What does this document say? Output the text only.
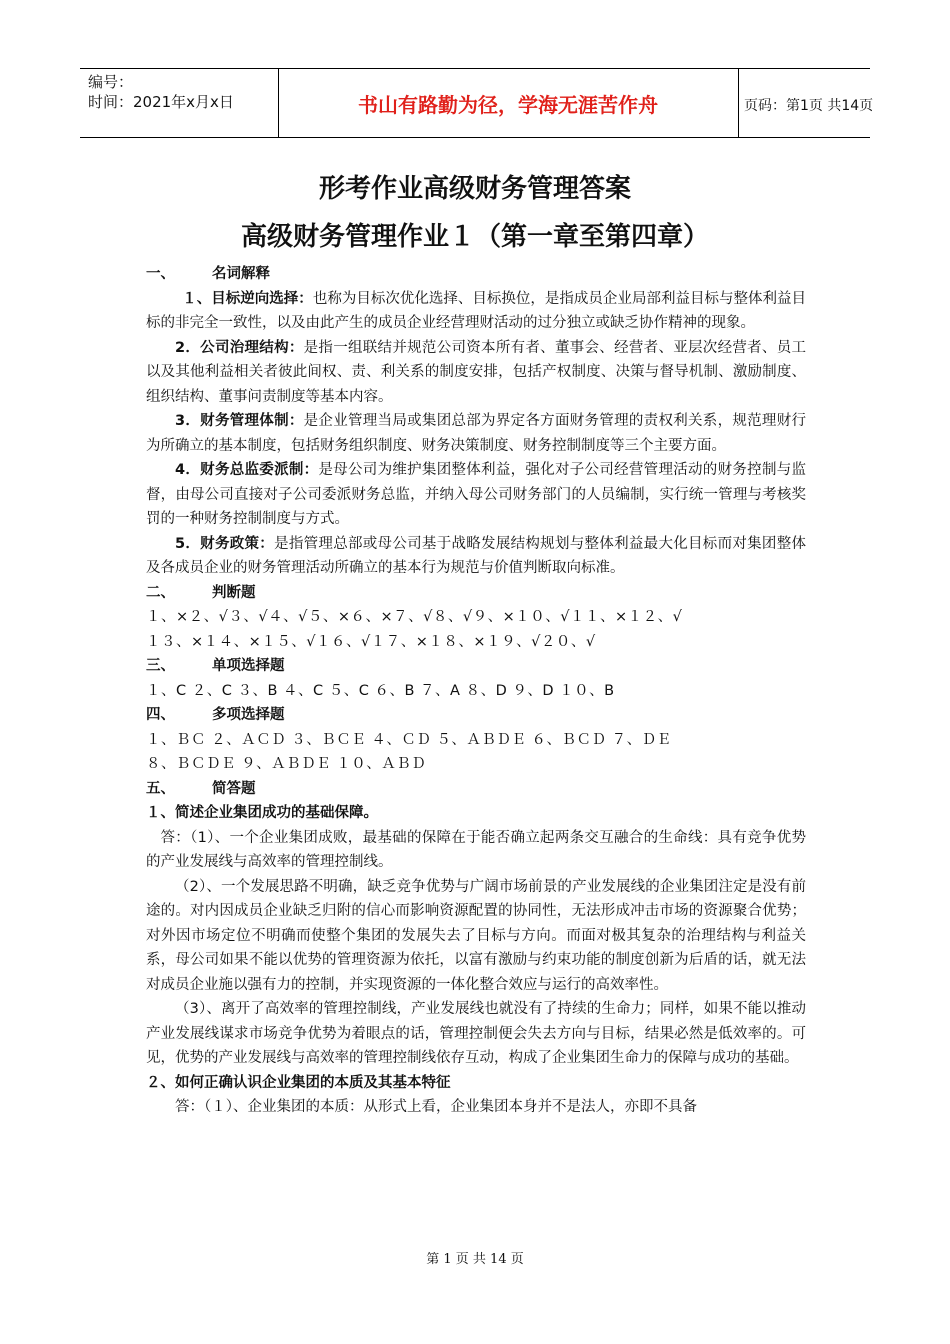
编号：
时间：2021年x月x日	书山有路勤为径，学海无涯苦作舟	页码：第1页 共14页
形考作业高级财务管理答案
高级财务管理作业１（第一章至第四章）
一、	名词解释

１、目标逆向选择：也称为目标次优化选择、目标换位，是指成员企业局部利益目标与整体利益目标的非完全一致性，以及由此产生的成员企业经营理财活动的过分独立或缺乏协作精神的现象。

2．公司治理结构：是指一组联结并规范公司资本所有者、董事会、经营者、亚层次经营者、员工以及其他利益相关者彼此间权、责、利关系的制度安排，包括产权制度、决策与督导机制、激励制度、组织结构、董事问责制度等基本内容。

3．财务管理体制：是企业管理当局或集团总部为界定各方面财务管理的责权利关系，规范理财行为所确立的基本制度，包括财务组织制度、财务决策制度、财务控制制度等三个主要方面。

4．财务总监委派制：是母公司为维护集团整体利益，强化对子公司经营管理活动的财务控制与监督，由母公司直接对子公司委派财务总监，并纳入母公司财务部门的人员编制，实行统一管理与考核奖罚的一种财务控制制度与方式。

5．财务政策：是指管理总部或母公司基于战略发展结构规划与整体利益最大化目标而对集团整体及各成员企业的财务管理活动所确立的基本行为规范与价值判断取向标准。

二、	判断题

１、×２、√３、√４、√５、×６、×７、√８、√９、×１０、√１１、×１２、√

１３、×１４、×１５、√１６、√１７、×１８、×１９、√２０、√

三、	单项选择题

１、C ２、C ３、B ４、C ５、C ６、B ７、A ８、D ９、D １０、B

四、	多项选择题

１、ＢＣ ２、ＡＣＤ ３、ＢＣＥ ４、ＣＤ ５、ＡＢＤＥ ６、ＢＣＤ ７、ＤＥ

８、ＢＣＤＥ ９、ＡＢＤＥ １０、ＡＢＤ

五、	简答题

１、简述企业集团成功的基础保障。

答：（1）、一个企业集团成败，最基础的保障在于能否确立起两条交互融合的生命线：具有竞争优势的产业发展线与高效率的管理控制线。

（2）、一个发展思路不明确，缺乏竞争优势与广阔市场前景的产业发展线的企业集团注定是没有前途的。对内因成员企业缺乏归附的信心而影响资源配置的协同性，无法形成冲击市场的资源聚合优势；对外因市场定位不明确而使整个集团的发展失去了目标与方向。而面对极其复杂的治理结构与利益关系，母公司如果不能以优势的管理资源为依托，以富有激励与约束功能的制度创新为后盾的话，就无法对成员企业施以强有力的控制，并实现资源的一体化整合效应与运行的高效率性。

（3）、离开了高效率的管理控制线，产业发展线也就没有了持续的生命力；同样，如果不能以推动产业发展线谋求市场竞争优势为着眼点的话，管理控制便会失去方向与目标，结果必然是低效率的。可见，优势的产业发展线与高效率的管理控制线依存互动，构成了企业集团生命力的保障与成功的基础。

２、如何正确认识企业集团的本质及其基本特征

答：（１）、企业集团的本质：从形式上看，企业集团本身并不是法人，亦即不具备

第 1 页 共 14 页
